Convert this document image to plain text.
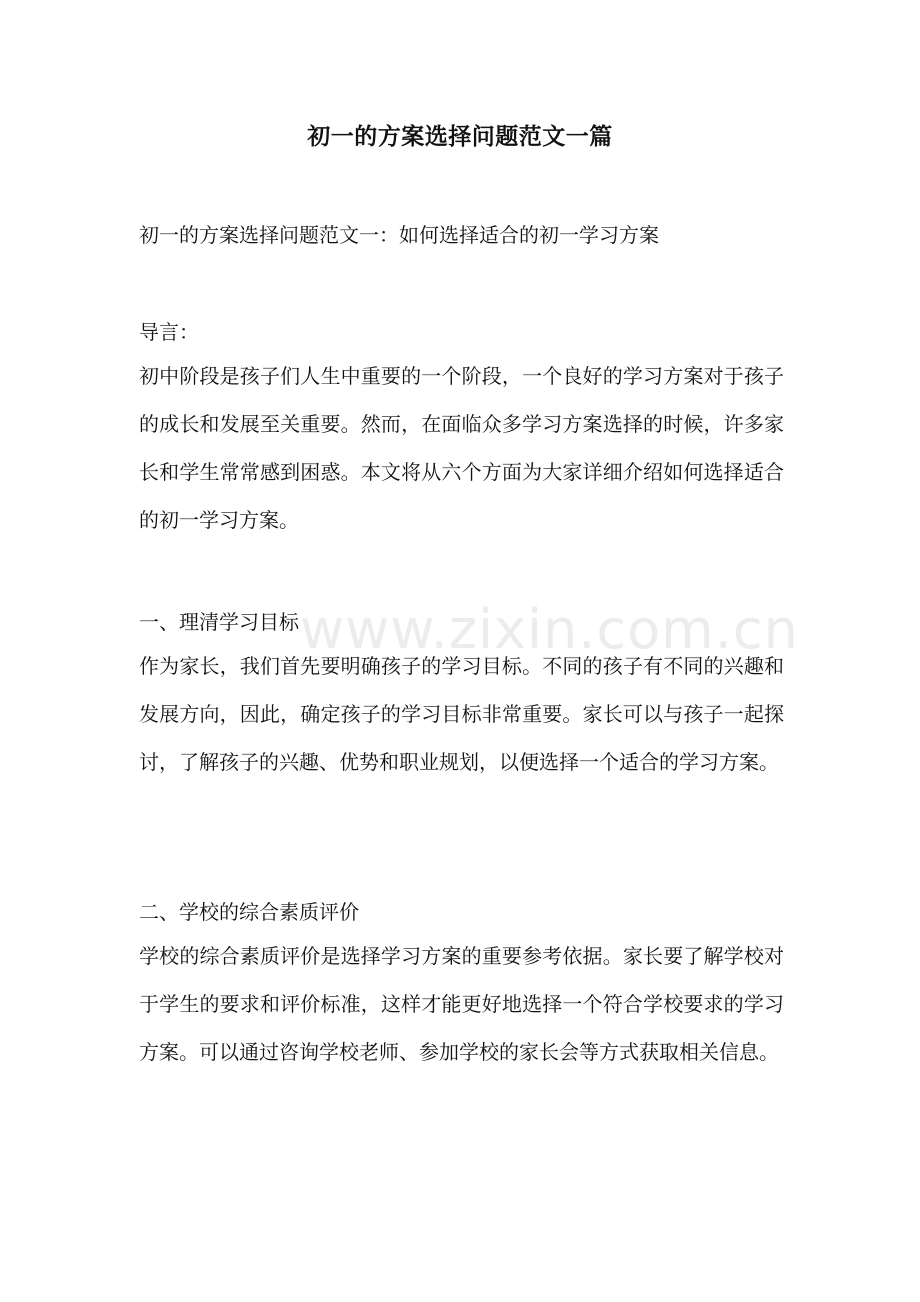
初一的方案选择问题范文一篇
初一的方案选择问题范文一：如何选择适合的初一学习方案
导言：
初中阶段是孩子们人生中重要的一个阶段，一个良好的学习方案对于孩子的成长和发展至关重要。然而，在面临众多学习方案选择的时候，许多家长和学生常常感到困惑。本文将从六个方面为大家详细介绍如何选择适合的初一学习方案。
一、理清学习目标
作为家长，我们首先要明确孩子的学习目标。不同的孩子有不同的兴趣和发展方向，因此，确定孩子的学习目标非常重要。家长可以与孩子一起探讨，了解孩子的兴趣、优势和职业规划，以便选择一个适合的学习方案。
二、学校的综合素质评价
学校的综合素质评价是选择学习方案的重要参考依据。家长要了解学校对于学生的要求和评价标准，这样才能更好地选择一个符合学校要求的学习方案。可以通过咨询学校老师、参加学校的家长会等方式获取相关信息。
www.zixin.com.cn
